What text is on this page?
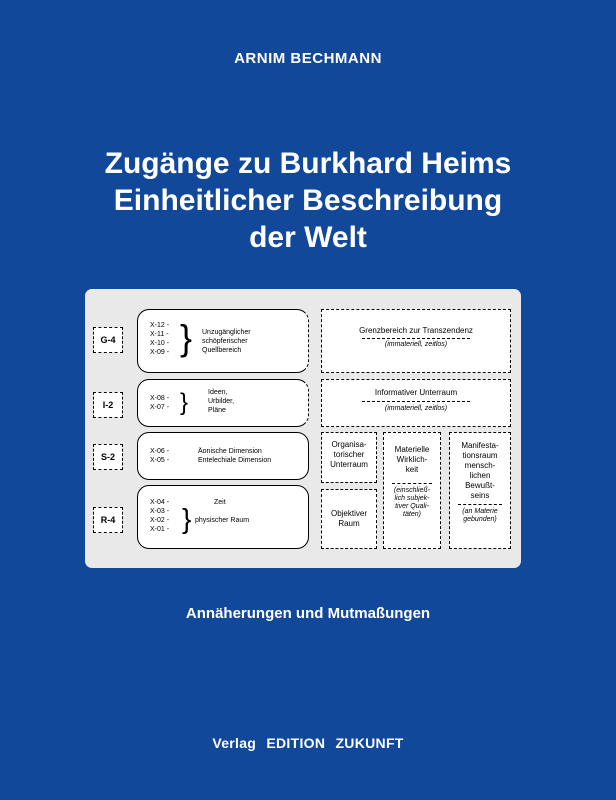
ARNIM BECHMANN
Zugänge zu Burkhard Heims
Einheitlicher Beschreibung
der Welt
G-4
I-2
S-2
R-4
X-12 -
X-11 -
X-10 -
X-09 - } Unzugänglicher
schöpferischer
Quellbereich
X-08 -
X-07 - }	Ideen,
Urbilder,
Pläne
X-06 -
X-05 -
Äonische Dimension
Entelechiale Dimension
X-04 -
X-03 -
X-02 -
X-01 - }
Zeit
physischer Raum
Grenzbereich zur Transzendenz
(immateriell, zeitlos)
Informativer Unterraum
(immateriell, zeitlos)
Organisa-
torischer
Unterraum
Objektiver
Raum
Materielle
Wirklich-
keit
(einschließ-
lich subjek-
tiver Quali-
täten)
Manifesta-
tionsraum
mensch-
lichen
Bewußt-
seins
(an Materie
gebunden)
Annäherungen und Mutmaßungen
Verlag EDITION ZUKUNFT
